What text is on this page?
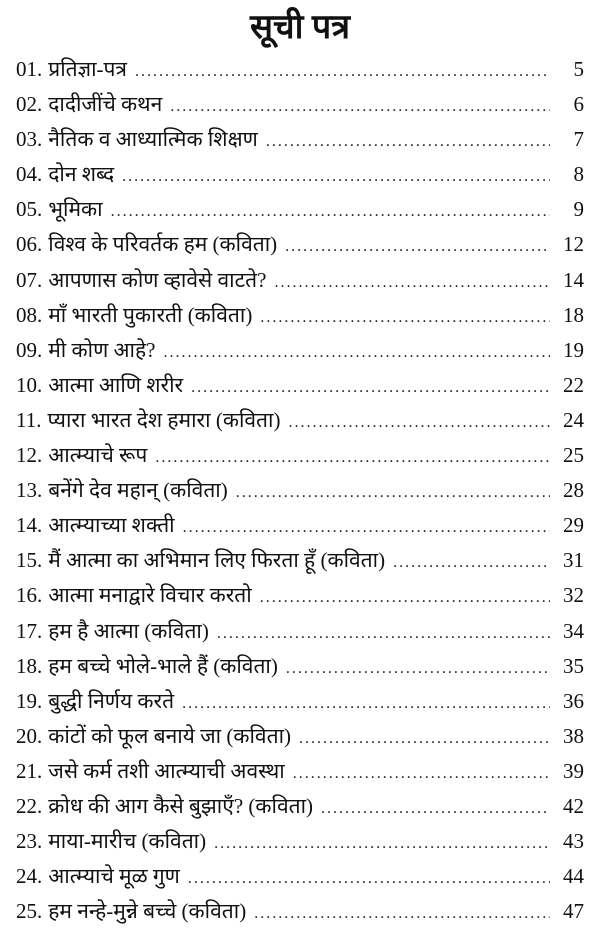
सूची पत्र
01. प्रतिज्ञा-पत्र .....	5
02. दादीजींचे कथन .....	6
03. नैतिक व आध्यात्मिक शिक्षण .....	7
04. दोन शब्द .....	8
05. भूमिका .....	9
06. विश्व के परिवर्तक हम (कविता) .....	12
07. आपणास कोण व्हावेसे वाटते? .....	14
08. माँ भारती पुकारती (कविता) .....	18
09. मी कोण आहे? .....	19
10. आत्मा आणि शरीर .....	22
11. प्यारा भारत देश हमारा (कविता) .....	24
12. आत्म्याचे रूप .....	25
13. बनेंगे देव महान् (कविता) .....	28
14. आत्म्याच्या शक्ती .....	29
15. मैं आत्मा का अभिमान लिए फिरता हूँ (कविता) .....	31
16. आत्मा मनाद्वारे विचार करतो .....	32
17. हम है आत्मा (कविता) .....	34
18. हम बच्चे भोले-भाले हैं (कविता) .....	35
19. बुद्धी निर्णय करते .....	36
20. कांटों को फूल बनाये जा (कविता) .....	38
21. जसे कर्म तशी आत्म्याची अवस्था .....	39
22. क्रोध की आग कैसे बुझाएँ? (कविता) .....	42
23. माया-मारीच (कविता) .....	43
24. आत्म्याचे मूळ गुण .....	44
25. हम नन्हे-मुन्ने बच्चे (कविता) .....	47
